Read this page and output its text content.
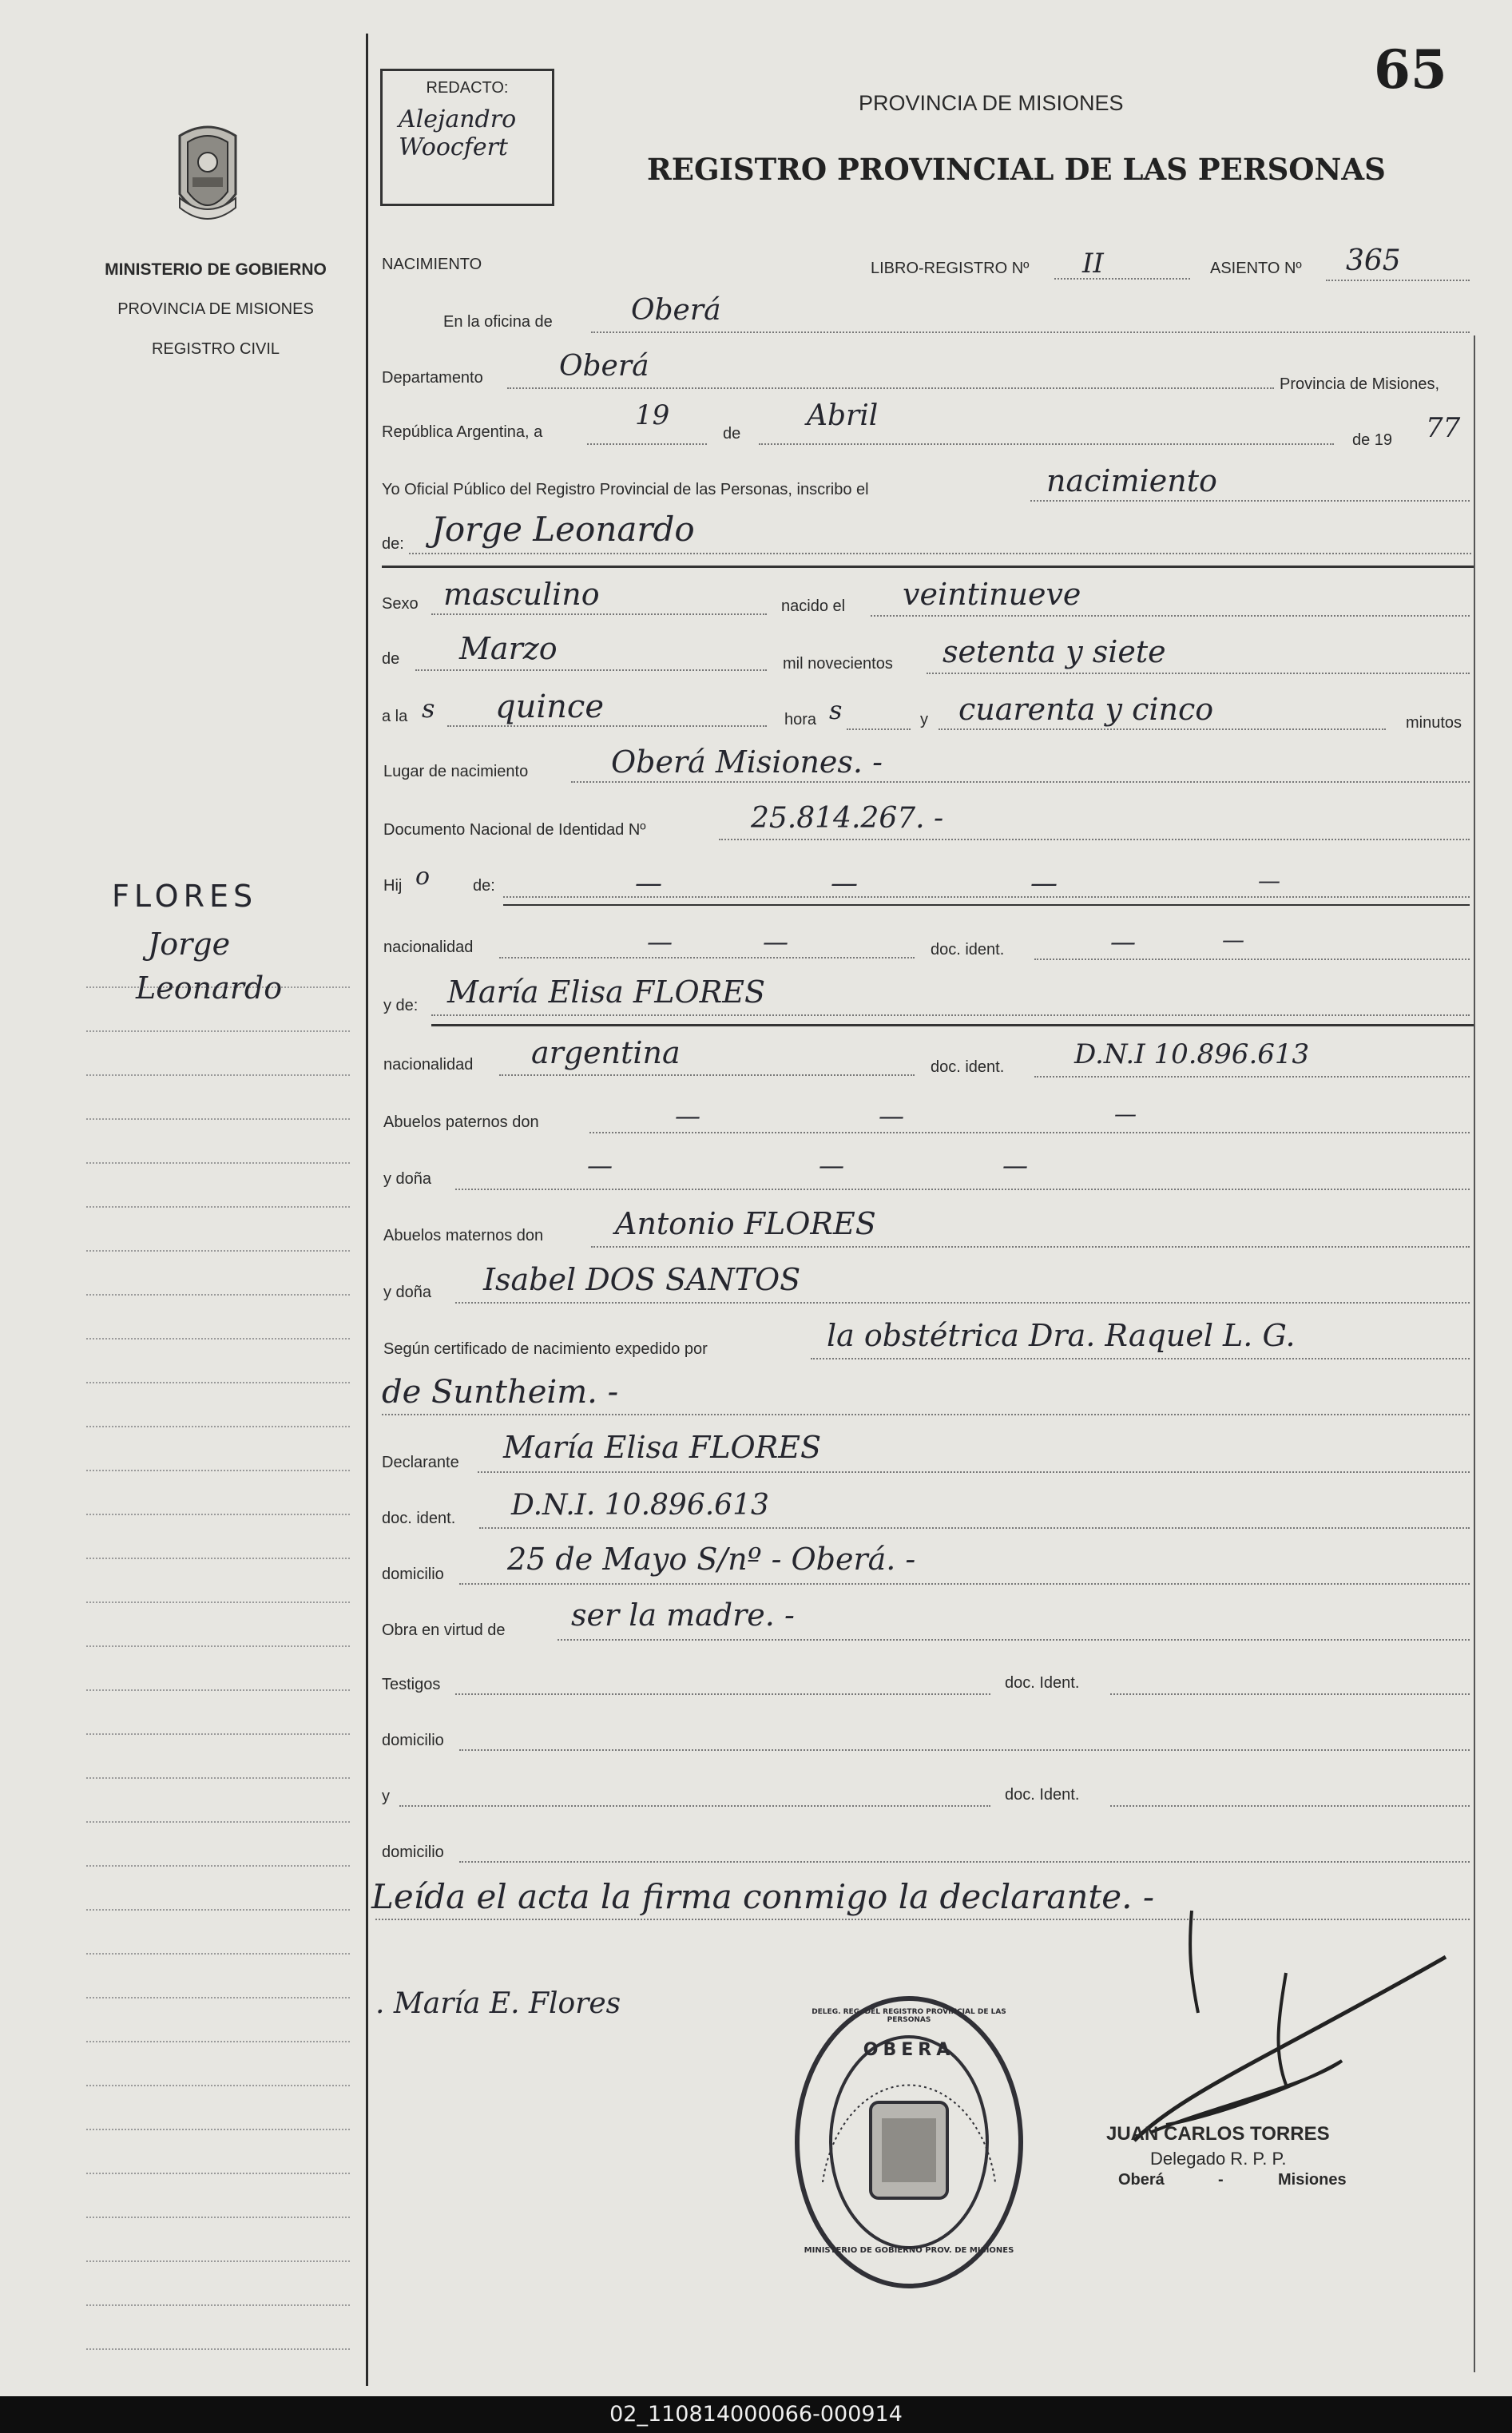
MINISTERIO DE GOBIERNO
PROVINCIA DE MISIONES
REGISTRO CIVIL
FLORES
Jorge
Leonardo
REDACTO:
Alejandro
Woocfert
65
PROVINCIA DE MISIONES
REGISTRO PROVINCIAL DE LAS PERSONAS
NACIMIENTO	LIBRO-REGISTRO Nº II	ASIENTO Nº 365
En la oficina de	Oberá
Departamento	Oberá
Provincia de Misiones,
República Argentina, a
19
de
Abril
de 19 77
Yo Oficial Público del Registro Provincial de las Personas, inscribo el	nacimiento
de: Jorge Leonardo
Sexo masculino	nacido el veintinueve
de Marzo	mil novecientos setenta y siete
a la s quince	hora s	y cuarenta y cinco	minutos
Lugar de nacimiento	Oberá Misiones. -
Documento Nacional de Identidad Nº	25.814.267. -
Hij o	de:	—	—	—	—
nacionalidad	—	—	doc. ident.	—	—
y de: María Elisa FLORES
nacionalidad argentina	doc. ident.	D.N.I 10.896.613
Abuelos paternos don	—	—	—
y doña	—	—	—
Abuelos maternos don Antonio FLORES
y doña Isabel DOS SANTOS
Según certificado de nacimiento expedido por	la obstétrica Dra. Raquel L. G.
de Suntheim. -
Declarante María Elisa FLORES
doc. ident. D.N.I. 10.896.613
domicilio 25 de Mayo S/nº - Oberá. -
Obra en virtud de ser la madre. -
Testigos	doc. Ident.
domicilio
y	doc. Ident.
domicilio
Leída el acta la firma conmigo la declarante. -
. María E. Flores
OBERA
DELEG. REG. DEL REGISTRO PROVINCIAL DE LAS PERSONAS
MINISTERIO DE GOBIERNO PROV. DE MISIONES
JUAN CARLOS TORRES
Delegado R. P. P.
Oberá	-	Misiones
02_110814000066-000914
